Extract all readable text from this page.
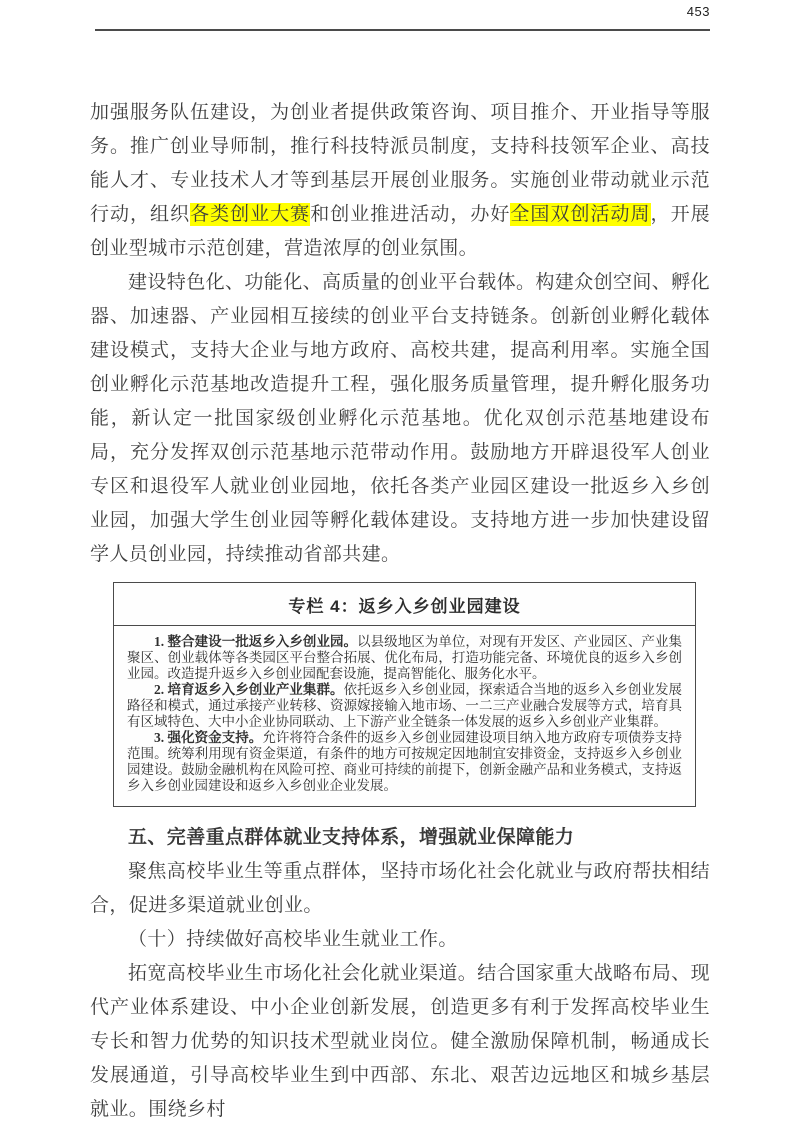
453

加强服务队伍建设，为创业者提供政策咨询、项目推介、开业指导等服务。推广创业导师制，推行科技特派员制度，支持科技领军企业、高技能人才、专业技术人才等到基层开展创业服务。实施创业带动就业示范行动，组织各类创业大赛和创业推进活动，办好全国双创活动周，开展创业型城市示范创建，营造浓厚的创业氛围。

建设特色化、功能化、高质量的创业平台载体。构建众创空间、孵化器、加速器、产业园相互接续的创业平台支持链条。创新创业孵化载体建设模式，支持大企业与地方政府、高校共建，提高利用率。实施全国创业孵化示范基地改造提升工程，强化服务质量管理，提升孵化服务功能，新认定一批国家级创业孵化示范基地。优化双创示范基地建设布局，充分发挥双创示范基地示范带动作用。鼓励地方开辟退役军人创业专区和退役军人就业创业园地，依托各类产业园区建设一批返乡入乡创业园，加强大学生创业园等孵化载体建设。支持地方进一步加快建设留学人员创业园，持续推动省部共建。

专栏 4：返乡入乡创业园建设

1. 整合建设一批返乡入乡创业园。以县级地区为单位，对现有开发区、产业园区、产业集聚区、创业载体等各类园区平台整合拓展、优化布局，打造功能完备、环境优良的返乡入乡创业园。改造提升返乡入乡创业园配套设施，提高智能化、服务化水平。

2. 培育返乡入乡创业产业集群。依托返乡入乡创业园，探索适合当地的返乡入乡创业发展路径和模式，通过承接产业转移、资源嫁接输入地市场、一二三产业融合发展等方式，培育具有区域特色、大中小企业协同联动、上下游产业全链条一体发展的返乡入乡创业产业集群。

3. 强化资金支持。允许将符合条件的返乡入乡创业园建设项目纳入地方政府专项债券支持范围。统筹利用现有资金渠道，有条件的地方可按规定因地制宜安排资金，支持返乡入乡创业园建设。鼓励金融机构在风险可控、商业可持续的前提下，创新金融产品和业务模式，支持返乡入乡创业园建设和返乡入乡创业企业发展。

五、完善重点群体就业支持体系，增强就业保障能力

聚焦高校毕业生等重点群体，坚持市场化社会化就业与政府帮扶相结合，促进多渠道就业创业。

（十）持续做好高校毕业生就业工作。

拓宽高校毕业生市场化社会化就业渠道。结合国家重大战略布局、现代产业体系建设、中小企业创新发展，创造更多有利于发挥高校毕业生专长和智力优势的知识技术型就业岗位。健全激励保障机制，畅通成长发展通道，引导高校毕业生到中西部、东北、艰苦边远地区和城乡基层就业。围绕乡村
